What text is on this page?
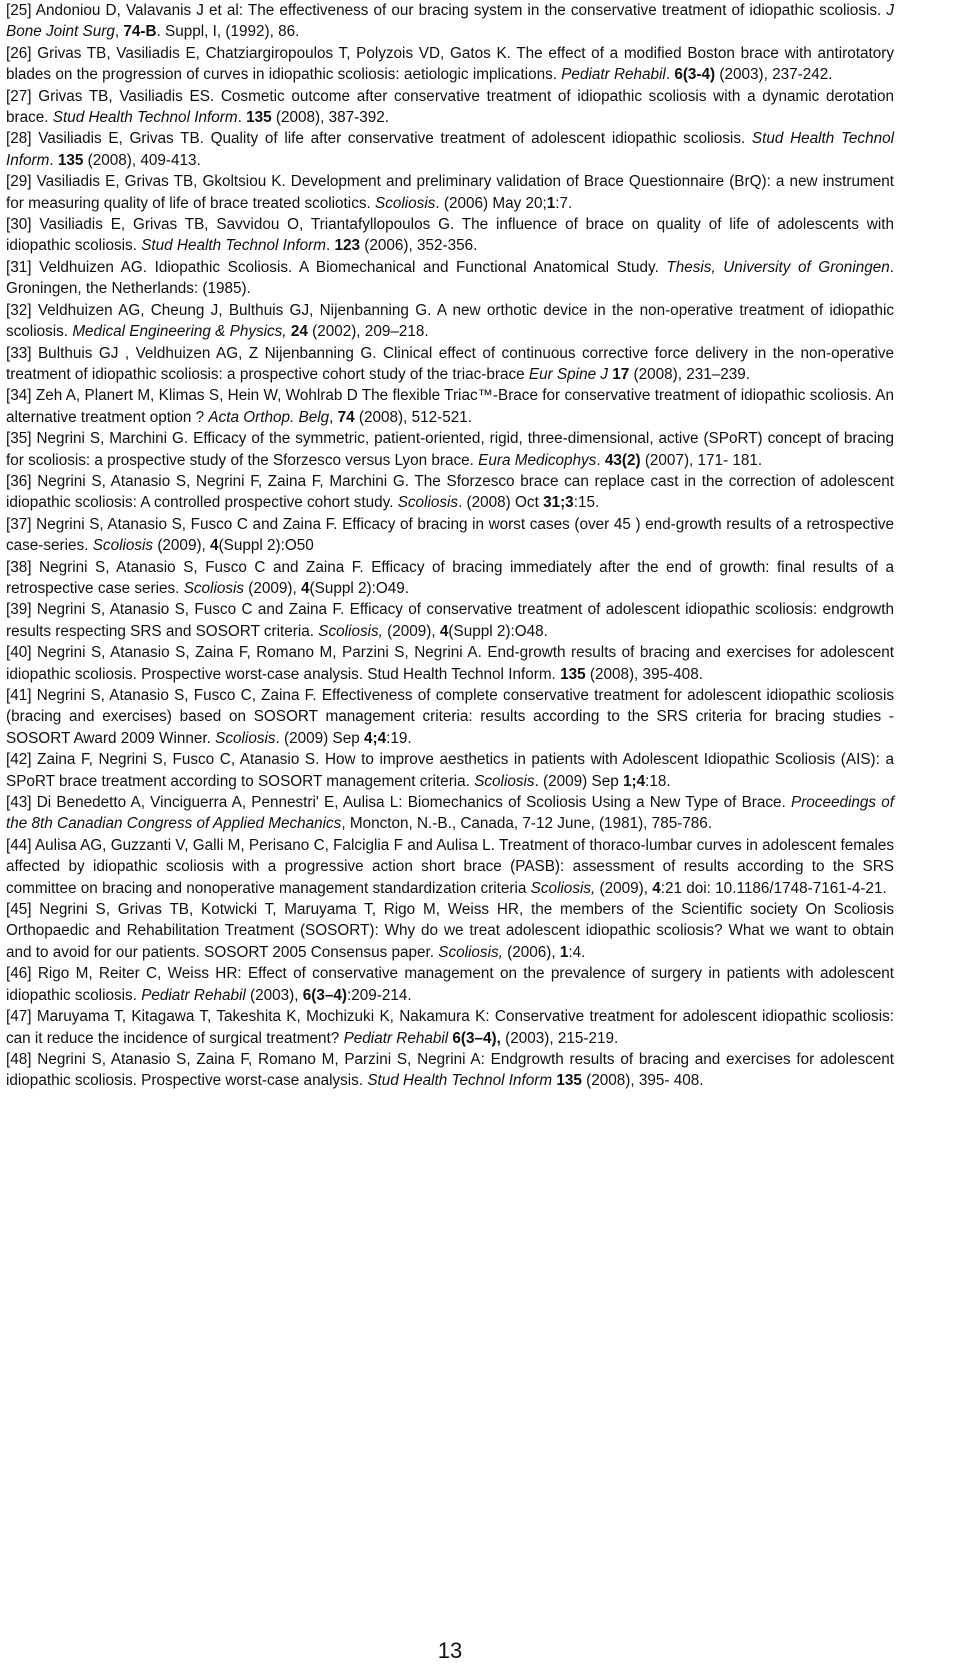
[25] Andoniou D, Valavanis J et al: The effectiveness of our bracing system in the conservative treatment of idiopathic scoliosis. J Bone Joint Surg, 74-B. Suppl, I, (1992), 86.

[26] Grivas TB, Vasiliadis E, Chatziargiropoulos T, Polyzois VD, Gatos K. The effect of a modified Boston brace with antirotatory blades on the progression of curves in idiopathic scoliosis: aetiologic implications. Pediatr Rehabil. 6(3-4) (2003), 237-242.

[27] Grivas TB, Vasiliadis ES. Cosmetic outcome after conservative treatment of idiopathic scoliosis with a dynamic derotation brace. Stud Health Technol Inform. 135 (2008), 387-392.

[28] Vasiliadis E, Grivas TB. Quality of life after conservative treatment of adolescent idiopathic scoliosis. Stud Health Technol Inform. 135 (2008), 409-413.

[29] Vasiliadis E, Grivas TB, Gkoltsiou K. Development and preliminary validation of Brace Questionnaire (BrQ): a new instrument for measuring quality of life of brace treated scoliotics. Scoliosis. (2006) May 20;1:7.

[30] Vasiliadis E, Grivas TB, Savvidou O, Triantafyllopoulos G. The influence of brace on quality of life of adolescents with idiopathic scoliosis. Stud Health Technol Inform. 123 (2006), 352-356.

[31] Veldhuizen AG. Idiopathic Scoliosis. A Biomechanical and Functional Anatomical Study. Thesis, University of Groningen. Groningen, the Netherlands: (1985).

[32] Veldhuizen AG, Cheung J, Bulthuis GJ, Nijenbanning G. A new orthotic device in the non-operative treatment of idiopathic scoliosis. Medical Engineering & Physics, 24 (2002), 209–218.

[33] Bulthuis GJ , Veldhuizen AG, Z Nijenbanning G. Clinical effect of continuous corrective force delivery in the non-operative treatment of idiopathic scoliosis: a prospective cohort study of the triac-brace Eur Spine J 17 (2008), 231–239.

[34] Zeh A, Planert M, Klimas S, Hein W, Wohlrab D The flexible Triac™-Brace for conservative treatment of idiopathic scoliosis. An alternative treatment option ? Acta Orthop. Belg, 74 (2008), 512-521.

[35] Negrini S, Marchini G. Efficacy of the symmetric, patient-oriented, rigid, three-dimensional, active (SPoRT) concept of bracing for scoliosis: a prospective study of the Sforzesco versus Lyon brace. Eura Medicophys. 43(2) (2007), 171- 181.

[36] Negrini S, Atanasio S, Negrini F, Zaina F, Marchini G. The Sforzesco brace can replace cast in the correction of adolescent idiopathic scoliosis: A controlled prospective cohort study. Scoliosis. (2008) Oct 31;3:15.

[37] Negrini S, Atanasio S, Fusco C and Zaina F. Efficacy of bracing in worst cases (over 45 ) end-growth results of a retrospective case-series. Scoliosis (2009), 4(Suppl 2):O50

[38] Negrini S, Atanasio S, Fusco C and Zaina F. Efficacy of bracing immediately after the end of growth: final results of a retrospective case series. Scoliosis (2009), 4(Suppl 2):O49.

[39] Negrini S, Atanasio S, Fusco C and Zaina F. Efficacy of conservative treatment of adolescent idiopathic scoliosis: endgrowth results respecting SRS and SOSORT criteria. Scoliosis, (2009), 4(Suppl 2):O48.

[40] Negrini S, Atanasio S, Zaina F, Romano M, Parzini S, Negrini A. End-growth results of bracing and exercises for adolescent idiopathic scoliosis. Prospective worst-case analysis. Stud Health Technol Inform. 135 (2008), 395-408.

[41] Negrini S, Atanasio S, Fusco C, Zaina F. Effectiveness of complete conservative treatment for adolescent idiopathic scoliosis (bracing and exercises) based on SOSORT management criteria: results according to the SRS criteria for bracing studies - SOSORT Award 2009 Winner. Scoliosis. (2009) Sep 4;4:19.

[42] Zaina F, Negrini S, Fusco C, Atanasio S. How to improve aesthetics in patients with Adolescent Idiopathic Scoliosis (AIS): a SPoRT brace treatment according to SOSORT management criteria. Scoliosis. (2009) Sep 1;4:18.

[43] Di Benedetto A, Vinciguerra A, Pennestri' E, Aulisa L: Biomechanics of Scoliosis Using a New Type of Brace. Proceedings of the 8th Canadian Congress of Applied Mechanics, Moncton, N.-B., Canada, 7-12 June, (1981), 785-786.

[44] Aulisa AG, Guzzanti V, Galli M, Perisano C, Falciglia F and Aulisa L. Treatment of thoraco-lumbar curves in adolescent females affected by idiopathic scoliosis with a progressive action short brace (PASB): assessment of results according to the SRS committee on bracing and nonoperative management standardization criteria Scoliosis, (2009), 4:21 doi: 10.1186/1748-7161-4-21.

[45] Negrini S, Grivas TB, Kotwicki T, Maruyama T, Rigo M, Weiss HR, the members of the Scientific society On Scoliosis Orthopaedic and Rehabilitation Treatment (SOSORT): Why do we treat adolescent idiopathic scoliosis? What we want to obtain and to avoid for our patients. SOSORT 2005 Consensus paper. Scoliosis, (2006), 1:4.

[46] Rigo M, Reiter C, Weiss HR: Effect of conservative management on the prevalence of surgery in patients with adolescent idiopathic scoliosis. Pediatr Rehabil (2003), 6(3–4):209-214.

[47] Maruyama T, Kitagawa T, Takeshita K, Mochizuki K, Nakamura K: Conservative treatment for adolescent idiopathic scoliosis: can it reduce the incidence of surgical treatment? Pediatr Rehabil 6(3–4), (2003), 215-219.

[48] Negrini S, Atanasio S, Zaina F, Romano M, Parzini S, Negrini A: Endgrowth results of bracing and exercises for adolescent idiopathic scoliosis. Prospective worst-case analysis. Stud Health Technol Inform 135 (2008), 395- 408.

13
